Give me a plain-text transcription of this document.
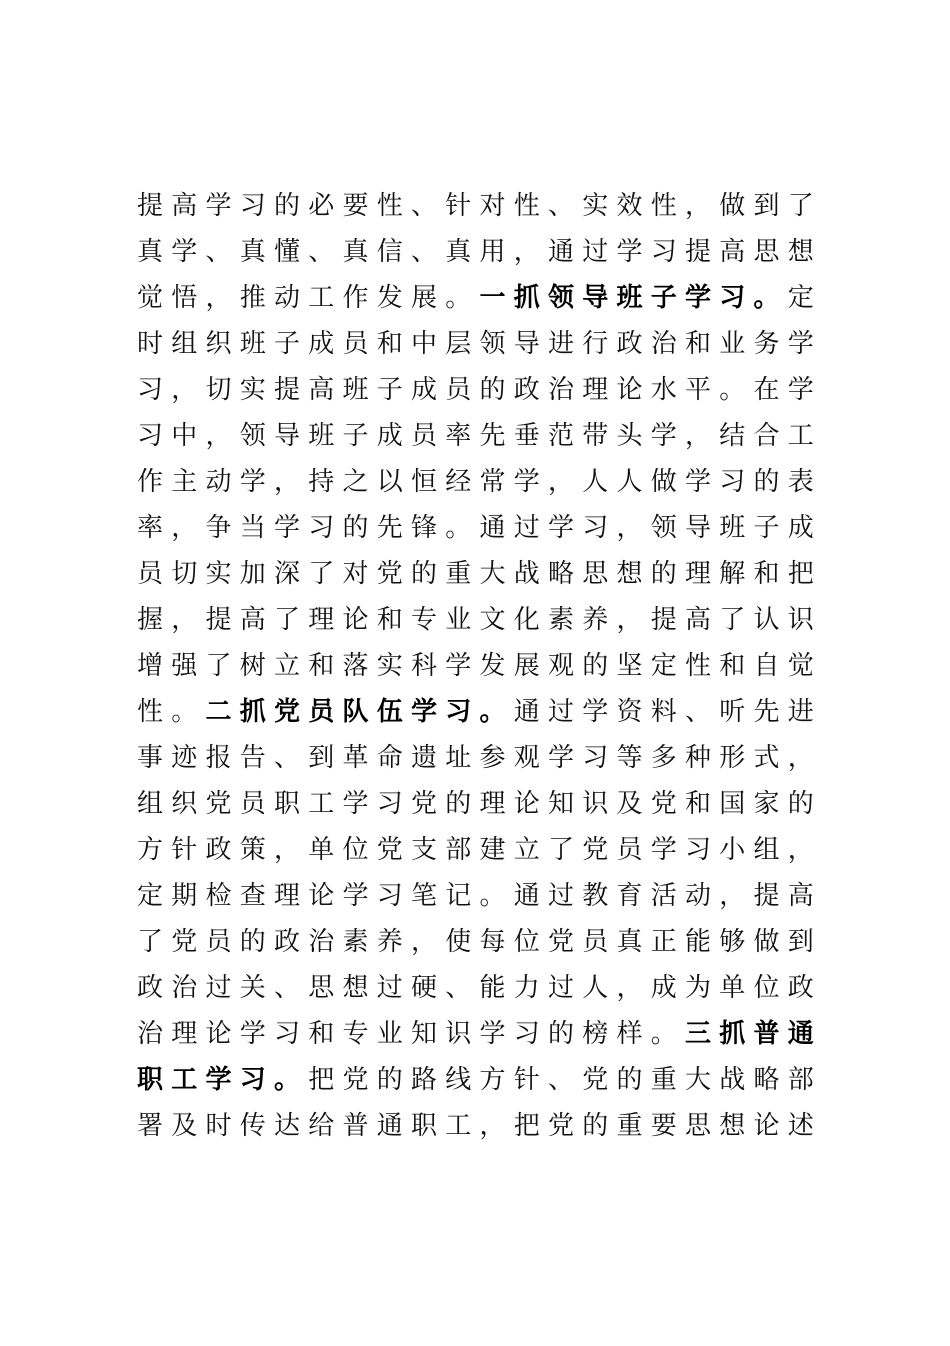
提 高 学 习 的 必 要 性 、 针 对 性 、 实 效 性 ， 做 到 了
真 学 、 真 懂 、 真 信 、 真 用 ， 通 过 学 习 提 高 思 想
觉 悟 ， 推 动 工 作 发 展 。 一 抓 领 导 班 子 学 习 。 定
时 组 织 班 子 成 员 和 中 层 领 导 进 行 政 治 和 业 务 学
习 ， 切 实 提 高 班 子 成 员 的 政 治 理 论 水 平 。 在 学
习 中 ， 领 导 班 子 成 员 率 先 垂 范 带 头 学 ， 结 合 工
作 主 动 学 ， 持 之 以 恒 经 常 学 ， 人 人 做 学 习 的 表
率 ， 争 当 学 习 的 先 锋 。 通 过 学 习 ， 领 导 班 子 成
员 切 实 加 深 了 对 党 的 重 大 战 略 思 想 的 理 解 和 把
握 ， 提 高 了 理 论 和 专 业 文 化 素 养 ， 提 高 了 认 识
增 强 了 树 立 和 落 实 科 学 发 展 观 的 坚 定 性 和 自 觉
性 。 二 抓 党 员 队 伍 学 习 。 通 过 学 资 料 、 听 先 进
事 迹 报 告 、 到 革 命 遗 址 参 观 学 习 等 多 种 形 式 ，
组 织 党 员 职 工 学 习 党 的 理 论 知 识 及 党 和 国 家 的
方 针 政 策 ， 单 位 党 支 部 建 立 了 党 员 学 习 小 组 ，
定 期 检 查 理 论 学 习 笔 记 。 通 过 教 育 活 动 ， 提 高
了 党 员 的 政 治 素 养 ， 使 每 位 党 员 真 正 能 够 做 到
政 治 过 关 、 思 想 过 硬 、 能 力 过 人 ， 成 为 单 位 政
治 理 论 学 习 和 专 业 知 识 学 习 的 榜 样 。 三 抓 普 通
职 工 学 习 。 把 党 的 路 线 方 针 、 党 的 重 大 战 略 部
署 及 时 传 达 给 普 通 职 工 ， 把 党 的 重 要 思 想 论 述
